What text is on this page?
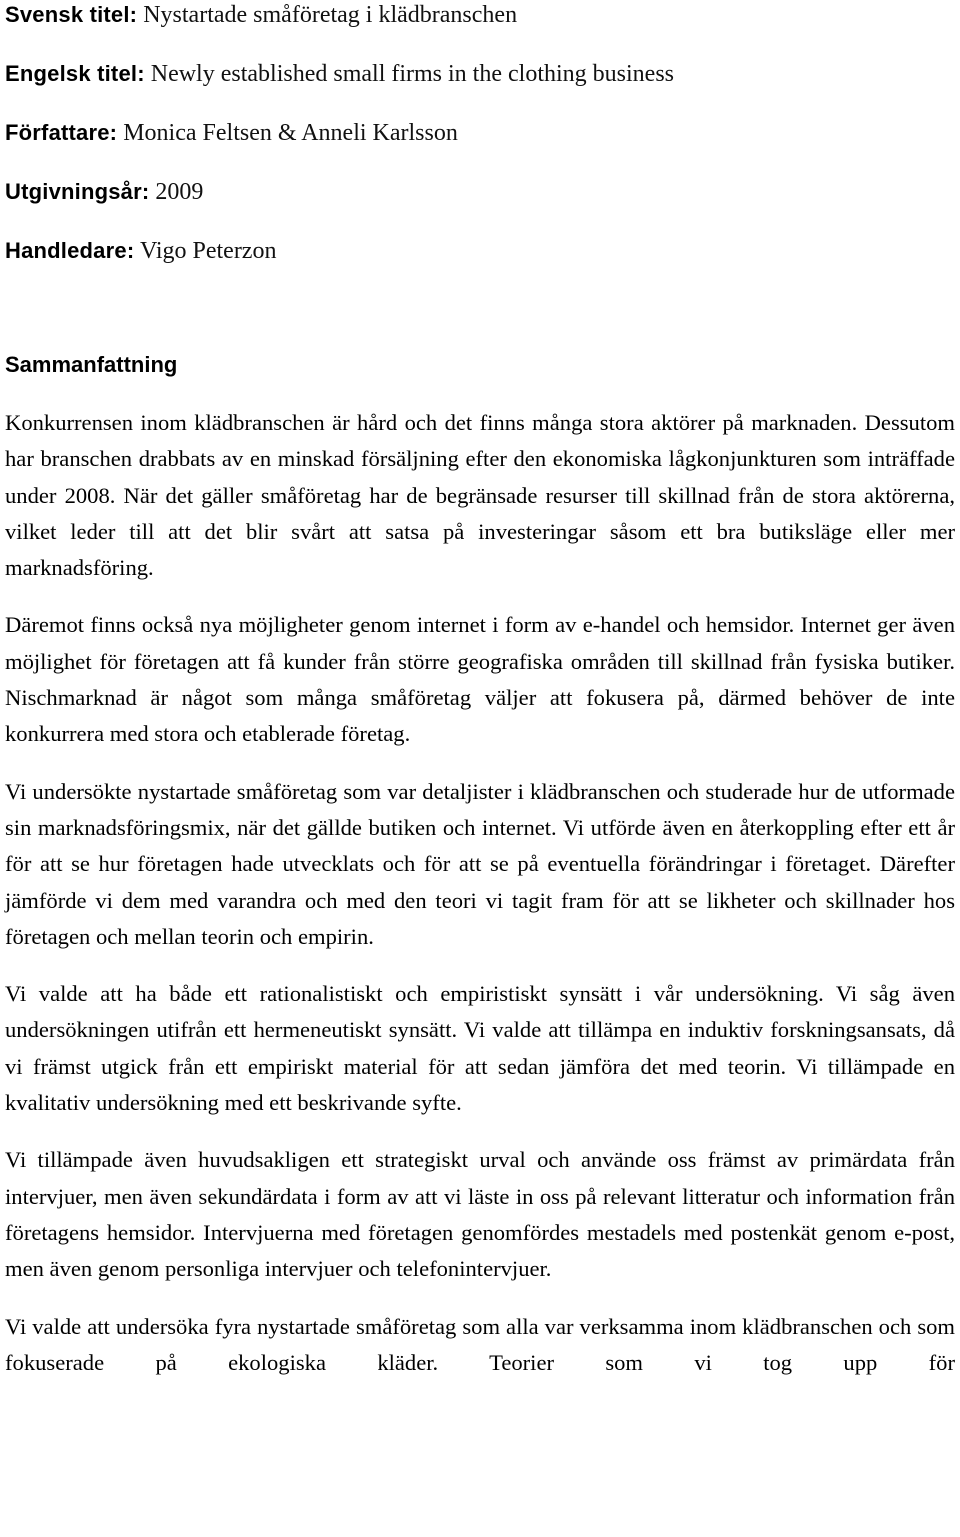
Svensk titel: Nystartade småföretag i klädbranschen
Engelsk titel: Newly established small firms in the clothing business
Författare: Monica Feltsen & Anneli Karlsson
Utgivningsår: 2009
Handledare: Vigo Peterzon
Sammanfattning

Konkurrensen inom klädbranschen är hård och det finns många stora aktörer på marknaden. Dessutom har branschen drabbats av en minskad försäljning efter den ekonomiska lågkonjunkturen som inträffade under 2008. När det gäller småföretag har de begränsade resurser till skillnad från de stora aktörerna, vilket leder till att det blir svårt att satsa på investeringar såsom ett bra butiksläge eller mer marknadsföring.

Däremot finns också nya möjligheter genom internet i form av e-handel och hemsidor. Internet ger även möjlighet för företagen att få kunder från större geografiska områden till skillnad från fysiska butiker. Nischmarknad är något som många småföretag väljer att fokusera på, därmed behöver de inte konkurrera med stora och etablerade företag.

Vi undersökte nystartade småföretag som var detaljister i klädbranschen och studerade hur de utformade sin marknadsföringsmix, när det gällde butiken och internet. Vi utförde även en återkoppling efter ett år för att se hur företagen hade utvecklats och för att se på eventuella förändringar i företaget. Därefter jämförde vi dem med varandra och med den teori vi tagit fram för att se likheter och skillnader hos företagen och mellan teorin och empirin.

Vi valde att ha både ett rationalistiskt och empiristiskt synsätt i vår undersökning. Vi såg även undersökningen utifrån ett hermeneutiskt synsätt. Vi valde att tillämpa en induktiv forskningsansats, då vi främst utgick från ett empiriskt material för att sedan jämföra det med teorin. Vi tillämpade en kvalitativ undersökning med ett beskrivande syfte.

Vi tillämpade även huvudsakligen ett strategiskt urval och använde oss främst av primärdata från intervjuer, men även sekundärdata i form av att vi läste in oss på relevant litteratur och information från företagens hemsidor. Intervjuerna med företagen genomfördes mestadels med postenkät genom e-post, men även genom personliga intervjuer och telefonintervjuer.

Vi valde att undersöka fyra nystartade småföretag som alla var verksamma inom klädbranschen och som fokuserade på ekologiska kläder. Teorier som vi tog upp för
